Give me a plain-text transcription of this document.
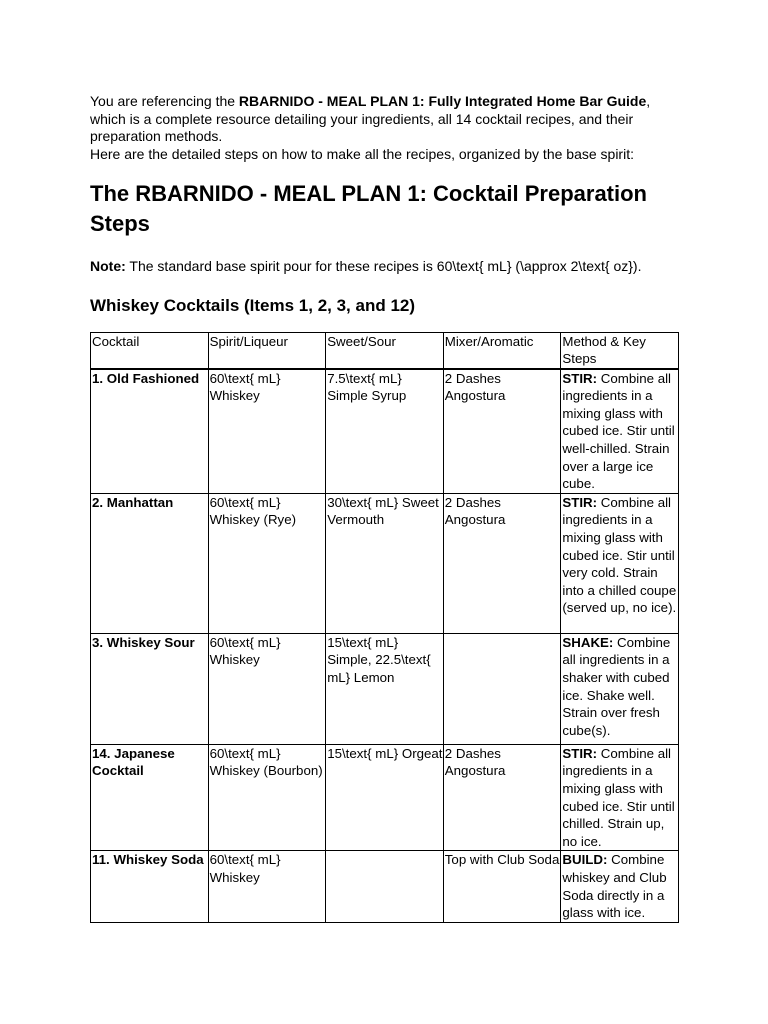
You are referencing the RBARNIDO - MEAL PLAN 1: Fully Integrated Home Bar Guide,
which is a complete resource detailing your ingredients, all 14 cocktail recipes, and their preparation methods.
Here are the detailed steps on how to make all the recipes, organized by the base spirit:

The RBARNIDO - MEAL PLAN 1: Cocktail Preparation Steps

Note: The standard base spirit pour for these recipes is 60\text{ mL} (\approx 2\text{ oz}).

Whiskey Cocktails (Items 1, 2, 3, and 12)
Cocktail	Spirit/Liqueur	Sweet/Sour	Mixer/Aromatic	Method & Key Steps
1. Old Fashioned	60\text{ mL} Whiskey	7.5\text{ mL} Simple Syrup	2 Dashes Angostura	STIR: Combine all ingredients in a mixing glass with cubed ice. Stir until well-chilled. Strain over a large ice cube.
2. Manhattan	60\text{ mL} Whiskey (Rye)	30\text{ mL} Sweet Vermouth	2 Dashes Angostura	STIR: Combine all ingredients in a mixing glass with cubed ice. Stir until very cold. Strain into a chilled coupe (served up, no ice).
3. Whiskey Sour	60\text{ mL} Whiskey	15\text{ mL} Simple, 22.5\text{ mL} Lemon		SHAKE: Combine all ingredients in a shaker with cubed ice. Shake well. Strain over fresh cube(s).
14. Japanese Cocktail	60\text{ mL} Whiskey (Bourbon)	15\text{ mL} Orgeat	2 Dashes Angostura	STIR: Combine all ingredients in a mixing glass with cubed ice. Stir until chilled. Strain up, no ice.
11. Whiskey Soda	60\text{ mL} Whiskey		Top with Club Soda	BUILD: Combine whiskey and Club Soda directly in a glass with ice.
